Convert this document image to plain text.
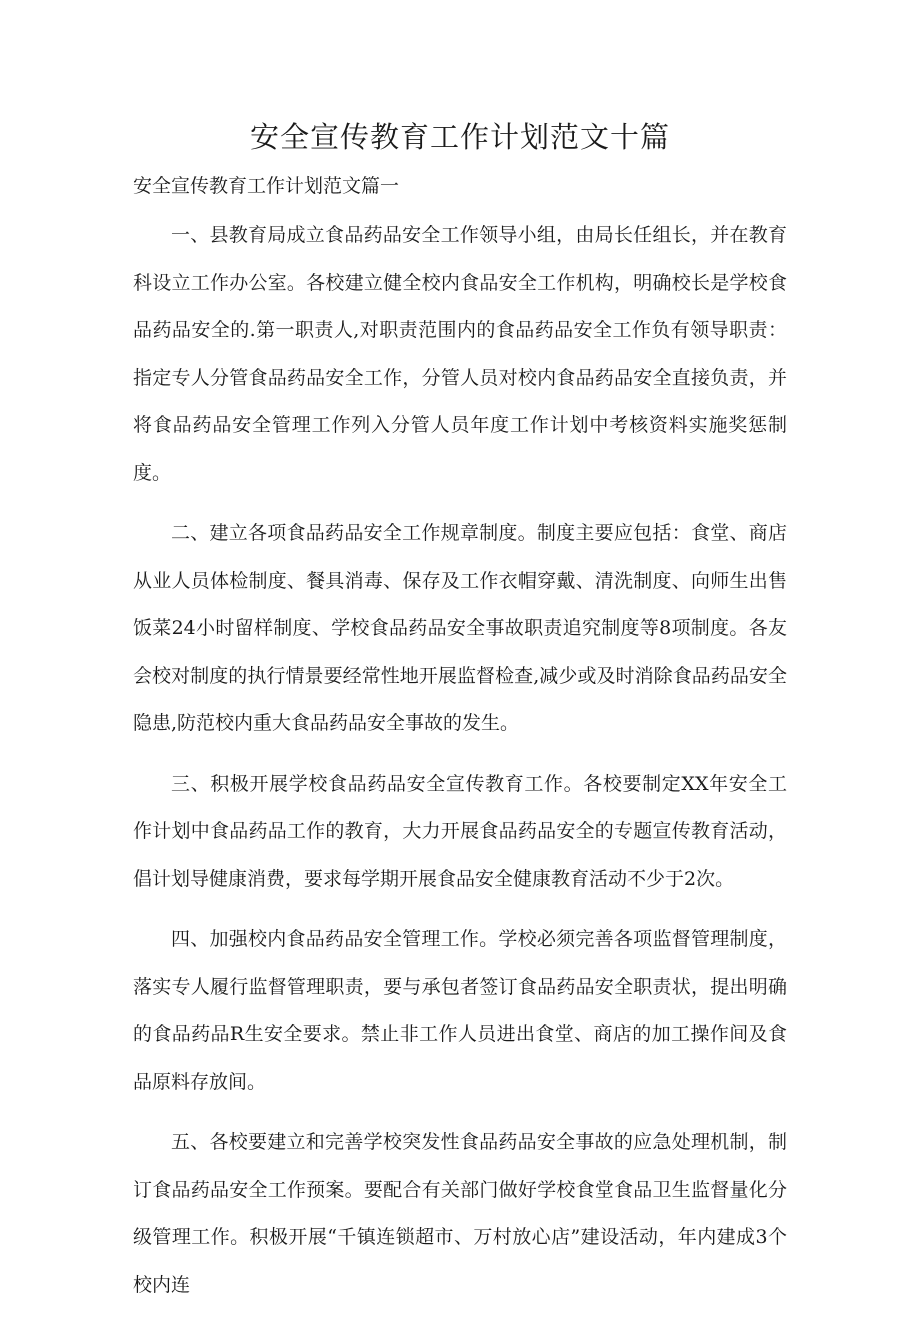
安全宣传教育工作计划范文十篇

安全宣传教育工作计划范文篇一

一、县教育局成立食品药品安全工作领导小组，由局长任组长，并在教育科设立工作办公室。各校建立健全校内食品安全工作机构，明确校长是学校食品药品安全的.第一职责人,对职责范围内的食品药品安全工作负有领导职责：指定专人分管食品药品安全工作，分管人员对校内食品药品安全直接负责，并将食品药品安全管理工作列入分管人员年度工作计划中考核资料实施奖惩制度。

二、建立各项食品药品安全工作规章制度。制度主要应包括：食堂、商店从业人员体检制度、餐具消毒、保存及工作衣帽穿戴、清洗制度、向师生出售饭菜24小时留样制度、学校食品药品安全事故职责追究制度等8项制度。各友会校对制度的执行情景要经常性地开展监督检查,减少或及时消除食品药品安全隐患,防范校内重大食品药品安全事故的发生。

三、积极开展学校食品药品安全宣传教育工作。各校要制定XX年安全工作计划中食品药品工作的教育，大力开展食品药品安全的专题宣传教育活动，倡计划导健康消费，要求每学期开展食品安全健康教育活动不少于2次。

四、加强校内食品药品安全管理工作。学校必须完善各项监督管理制度，落实专人履行监督管理职责，要与承包者签订食品药品安全职责状，提出明确的食品药品R生安全要求。禁止非工作人员进出食堂、商店的加工操作间及食品原料存放间。

五、各校要建立和完善学校突发性食品药品安全事故的应急处理机制，制订食品药品安全工作预案。要配合有关部门做好学校食堂食品卫生监督量化分级管理工作。积极开展“千镇连锁超市、万村放心店”建设活动，年内建成3个校内连
